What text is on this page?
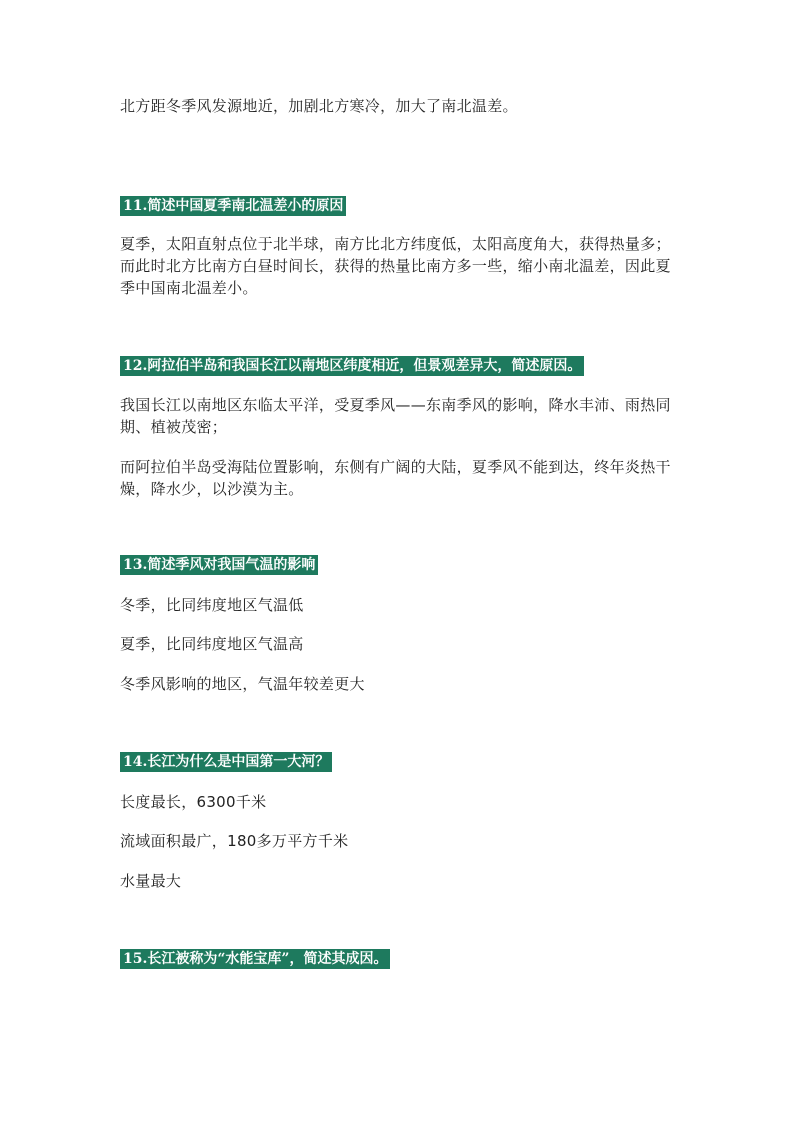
北方距冬季风发源地近，加剧北方寒冷，加大了南北温差。

11.简述中国夏季南北温差小的原因

夏季，太阳直射点位于北半球，南方比北方纬度低，太阳高度角大，获得热量多；而此时北方比南方白昼时间长，获得的热量比南方多一些，缩小南北温差，因此夏季中国南北温差小。

12.阿拉伯半岛和我国长江以南地区纬度相近，但景观差异大，简述原因。

我国长江以南地区东临太平洋，受夏季风——东南季风的影响，降水丰沛、雨热同期、植被茂密；

而阿拉伯半岛受海陆位置影响，东侧有广阔的大陆，夏季风不能到达，终年炎热干燥，降水少，以沙漠为主。

13.简述季风对我国气温的影响

冬季，比同纬度地区气温低

夏季，比同纬度地区气温高

冬季风影响的地区，气温年较差更大

14.长江为什么是中国第一大河？

长度最长，6300千米

流域面积最广，180多万平方千米

水量最大

15.长江被称为“水能宝库”，简述其成因。
